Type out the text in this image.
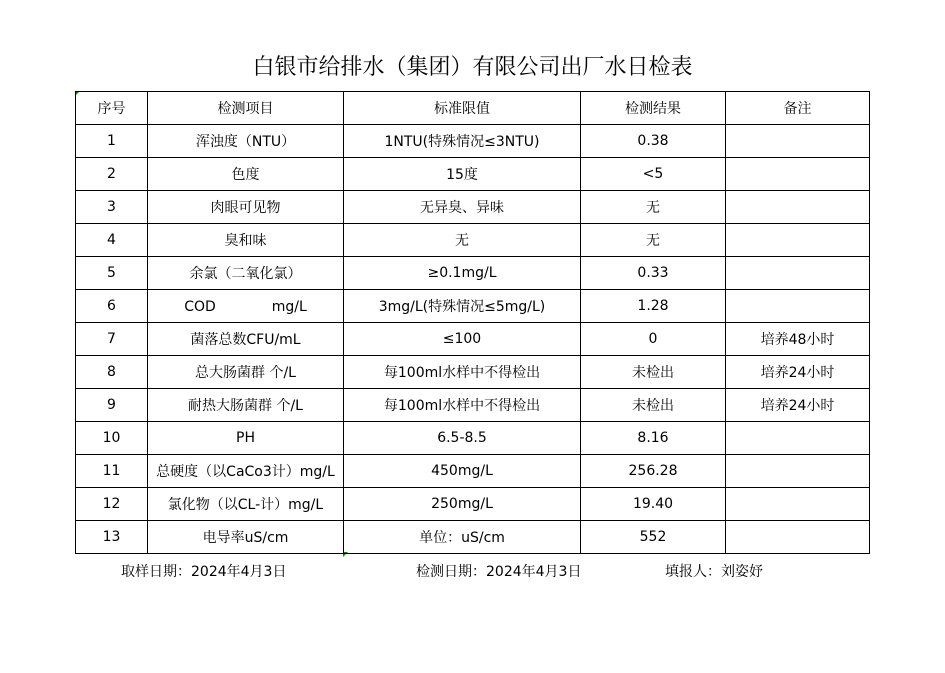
白银市给排水（集团）有限公司出厂水日检表
序号	检测项目	标准限值	检测结果	备注
1	浑浊度（NTU）	1NTU(特殊情况≤3NTU)	0.38	
2	色度	15度	<5	
3	肉眼可见物	无异臭、异味	无	
4	臭和味	无	无	
5	余氯（二氧化氯）	≥0.1mg/L	0.33	
6	COD　　　　mg/L	3mg/L(特殊情况≤5mg/L)	1.28	
7	菌落总数CFU/mL	≤100	0	培养48小时
8	总大肠菌群 个/L	每100ml水样中不得检出	未检出	培养24小时
9	耐热大肠菌群 个/L	每100ml水样中不得检出	未检出	培养24小时
10	PH	6.5-8.5	8.16	
11	总硬度（以CaCo3计）mg/L	450mg/L	256.28	
12	氯化物（以CL-计）mg/L	250mg/L	19.40	
13	电导率uS/cm	单位：uS/cm	552	
取样日期：2024年4月3日	检测日期：2024年4月3日	填报人：刘姿妤
